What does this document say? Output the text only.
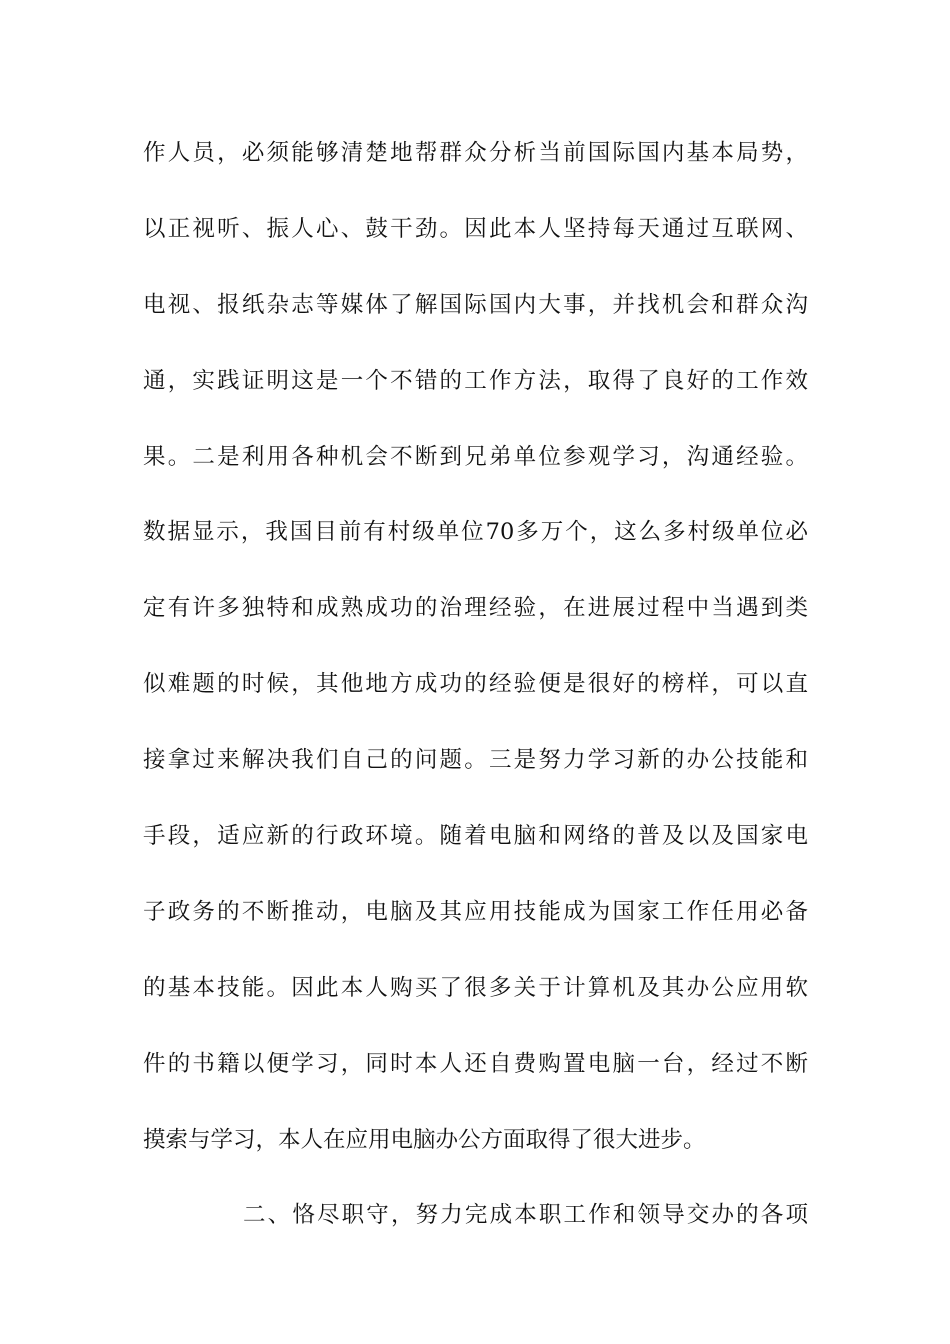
作人员，必须能够清楚地帮群众分析当前国际国内基本局势，
以正视听、振人心、鼓干劲。因此本人坚持每天通过互联网、
电视、报纸杂志等媒体了解国际国内大事，并找机会和群众沟
通，实践证明这是一个不错的工作方法，取得了良好的工作效
果。二是利用各种机会不断到兄弟单位参观学习，沟通经验。
数据显示，我国目前有村级单位70多万个，这么多村级单位必
定有许多独特和成熟成功的治理经验，在进展过程中当遇到类
似难题的时候，其他地方成功的经验便是很好的榜样，可以直
接拿过来解决我们自己的问题。三是努力学习新的办公技能和
手段，适应新的行政环境。随着电脑和网络的普及以及国家电
子政务的不断推动，电脑及其应用技能成为国家工作任用必备
的基本技能。因此本人购买了很多关于计算机及其办公应用软
件的书籍以便学习，同时本人还自费购置电脑一台，经过不断
摸索与学习，本人在应用电脑办公方面取得了很大进步。
二、恪尽职守，努力完成本职工作和领导交办的各项
